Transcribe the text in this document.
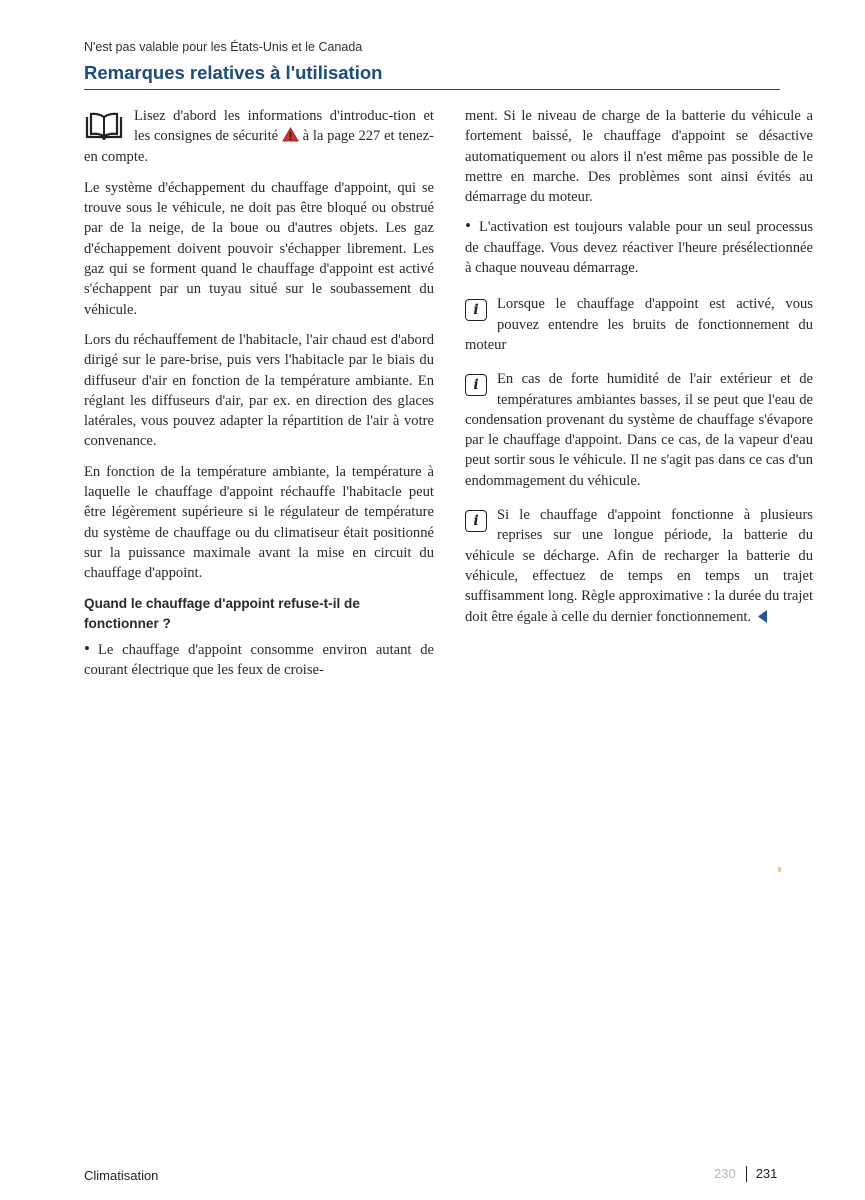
N'est pas valable pour les États-Unis et le Canada
Remarques relatives à l'utilisation
Lisez d'abord les informations d'introduc-tion et les consignes de sécurité à la page 227 et tenez-en compte.

Le système d'échappement du chauffage d'appoint, qui se trouve sous le véhicule, ne doit pas être bloqué ou obstrué par de la neige, de la boue ou d'autres objets. Les gaz d'échappement doivent pouvoir s'échapper librement. Les gaz qui se forment quand le chauffage d'appoint est activé s'échappent par un tuyau situé sur le soubassement du véhicule.

Lors du réchauffement de l'habitacle, l'air chaud est d'abord dirigé sur le pare-brise, puis vers l'habitacle par le biais du diffuseur d'air en fonction de la température ambiante. En réglant les diffuseurs d'air, par ex. en direction des glaces latérales, vous pouvez adapter la répartition de l'air à votre convenance.

En fonction de la température ambiante, la température à laquelle le chauffage d'appoint réchauffe l'habitacle peut être légèrement supérieure si le régulateur de température du système de chauffage ou du climatiseur était positionné sur la puissance maximale avant la mise en circuit du chauffage d'appoint.

Quand le chauffage d'appoint refuse-t-il de fonctionner ?

• Le chauffage d'appoint consomme environ autant de courant électrique que les feux de croise-

ment. Si le niveau de charge de la batterie du véhicule a fortement baissé, le chauffage d'appoint se désactive automatiquement ou alors il n'est même pas possible de le mettre en marche. Des problèmes sont ainsi évités au démarrage du moteur.

• L'activation est toujours valable pour un seul processus de chauffage. Vous devez réactiver l'heure présélectionnée à chaque nouveau démarrage.

i	Lorsque le chauffage d'appoint est activé, vous pouvez entendre les bruits de fonctionnement du moteur
i	En cas de forte humidité de l'air extérieur et de températures ambiantes basses, il se peut que l'eau de condensation provenant du système de chauffage s'évapore par le chauffage d'appoint. Dans ce cas, de la vapeur d'eau peut sortir sous le véhicule. Il ne s'agit pas dans ce cas d'un endommagement du véhicule.
i	Si le chauffage d'appoint fonctionne à plusieurs reprises sur une longue période, la batterie du véhicule se décharge. Afin de recharger la batterie du véhicule, effectuez de temps en temps un trajet suffisamment long. Règle approximative : la durée du trajet doit être égale à celle du dernier fonctionnement.
Climatisation	230 231
